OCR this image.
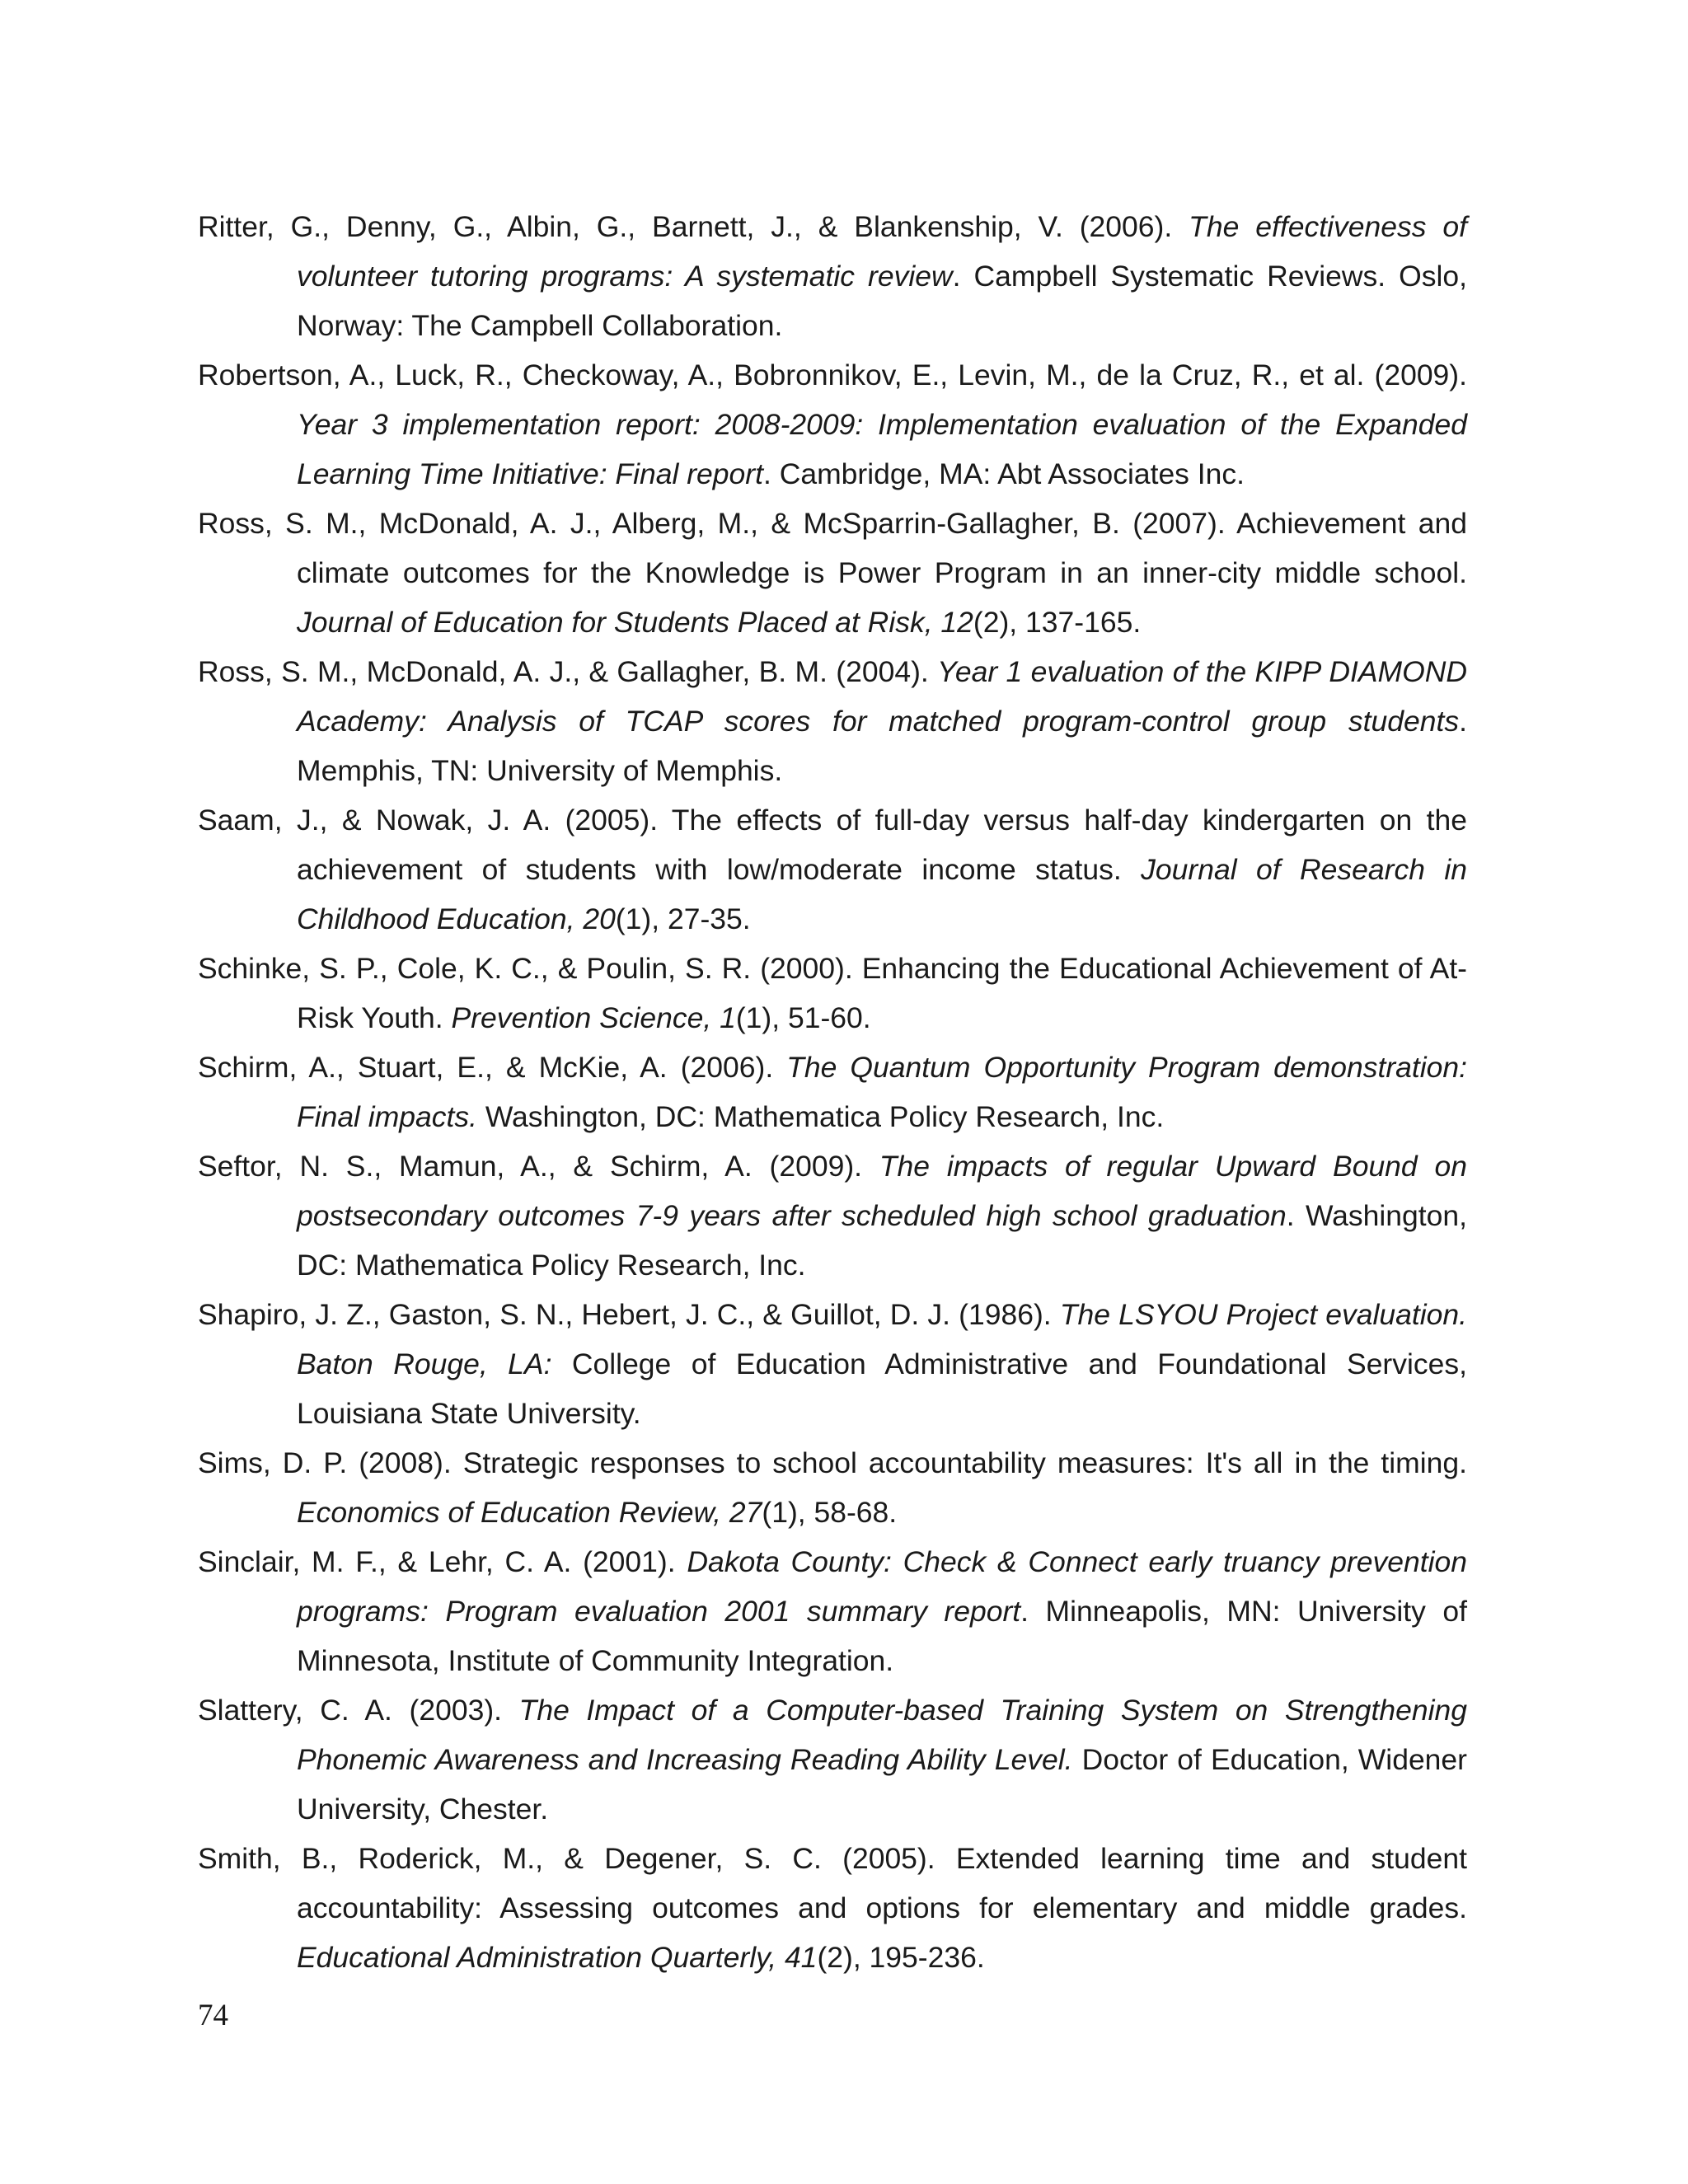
Ritter, G., Denny, G., Albin, G., Barnett, J., & Blankenship, V. (2006). The effectiveness of volunteer tutoring programs: A systematic review. Campbell Systematic Reviews. Oslo, Norway: The Campbell Collaboration.

Robertson, A., Luck, R., Checkoway, A., Bobronnikov, E., Levin, M., de la Cruz, R., et al. (2009). Year 3 implementation report: 2008-2009: Implementation evaluation of the Expanded Learning Time Initiative: Final report. Cambridge, MA: Abt Associates Inc.

Ross, S. M., McDonald, A. J., Alberg, M., & McSparrin-Gallagher, B. (2007). Achievement and climate outcomes for the Knowledge is Power Program in an inner-city middle school. Journal of Education for Students Placed at Risk, 12(2), 137-165.

Ross, S. M., McDonald, A. J., & Gallagher, B. M. (2004). Year 1 evaluation of the KIPP DIAMOND Academy: Analysis of TCAP scores for matched program-control group students. Memphis, TN: University of Memphis.

Saam, J., & Nowak, J. A. (2005). The effects of full-day versus half-day kindergarten on the achievement of students with low/moderate income status. Journal of Research in Childhood Education, 20(1), 27-35.

Schinke, S. P., Cole, K. C., & Poulin, S. R. (2000). Enhancing the Educational Achievement of At-Risk Youth. Prevention Science, 1(1), 51-60.

Schirm, A., Stuart, E., & McKie, A. (2006). The Quantum Opportunity Program demonstration: Final impacts. Washington, DC: Mathematica Policy Research, Inc.

Seftor, N. S., Mamun, A., & Schirm, A. (2009). The impacts of regular Upward Bound on postsecondary outcomes 7-9 years after scheduled high school graduation. Washington, DC: Mathematica Policy Research, Inc.

Shapiro, J. Z., Gaston, S. N., Hebert, J. C., & Guillot, D. J. (1986). The LSYOU Project evaluation. Baton Rouge, LA: College of Education Administrative and Foundational Services, Louisiana State University.

Sims, D. P. (2008). Strategic responses to school accountability measures: It's all in the timing. Economics of Education Review, 27(1), 58-68.

Sinclair, M. F., & Lehr, C. A. (2001). Dakota County: Check & Connect early truancy prevention programs: Program evaluation 2001 summary report. Minneapolis, MN: University of Minnesota, Institute of Community Integration.

Slattery, C. A. (2003). The Impact of a Computer-based Training System on Strengthening Phonemic Awareness and Increasing Reading Ability Level. Doctor of Education, Widener University, Chester.

Smith, B., Roderick, M., & Degener, S. C. (2005). Extended learning time and student accountability: Assessing outcomes and options for elementary and middle grades. Educational Administration Quarterly, 41(2), 195-236.

74
